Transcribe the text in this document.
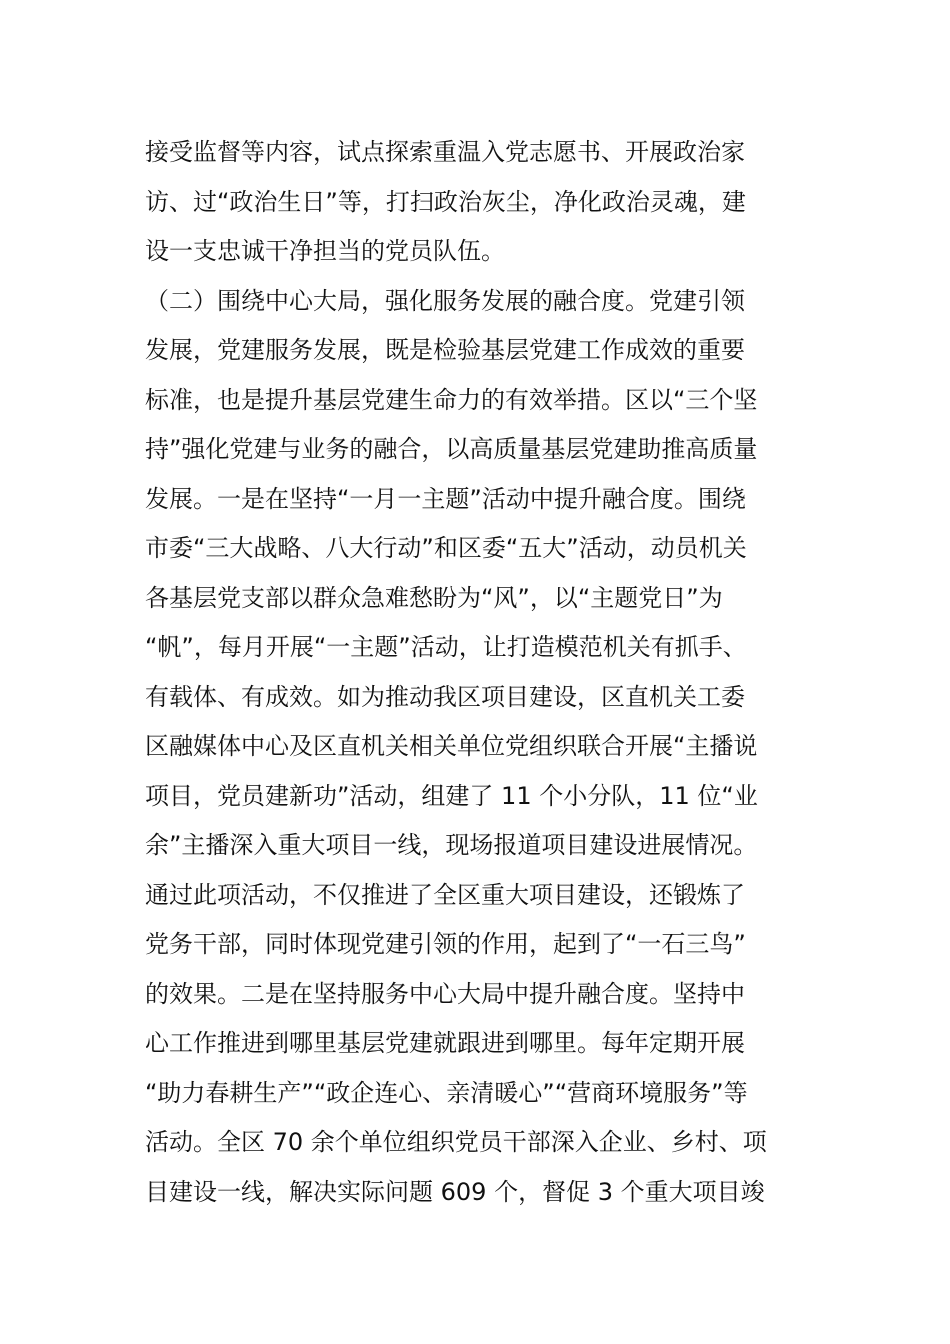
接受监督等内容，试点探索重温入党志愿书、开展政治家
访、过“政治生日”等，打扫政治灰尘，净化政治灵魂，建
设一支忠诚干净担当的党员队伍。
（二）围绕中心大局，强化服务发展的融合度。党建引领
发展，党建服务发展，既是检验基层党建工作成效的重要
标准，也是提升基层党建生命力的有效举措。区以“三个坚
持”强化党建与业务的融合，以高质量基层党建助推高质量
发展。一是在坚持“一月一主题”活动中提升融合度。围绕
市委“三大战略、八大行动”和区委“五大”活动，动员机关
各基层党支部以群众急难愁盼为“风”，以“主题党日”为
“帆”，每月开展“一主题”活动，让打造模范机关有抓手、
有载体、有成效。如为推动我区项目建设，区直机关工委
区融媒体中心及区直机关相关单位党组织联合开展“主播说
项目，党员建新功”活动，组建了 11 个小分队，11 位“业
余”主播深入重大项目一线，现场报道项目建设进展情况。
通过此项活动，不仅推进了全区重大项目建设，还锻炼了
党务干部，同时体现党建引领的作用，起到了“一石三鸟”
的效果。二是在坚持服务中心大局中提升融合度。坚持中
心工作推进到哪里基层党建就跟进到哪里。每年定期开展
“助力春耕生产”“政企连心、亲清暖心”“营商环境服务”等
活动。全区 70 余个单位组织党员干部深入企业、乡村、项
目建设一线，解决实际问题 609 个，督促 3 个重大项目竣
